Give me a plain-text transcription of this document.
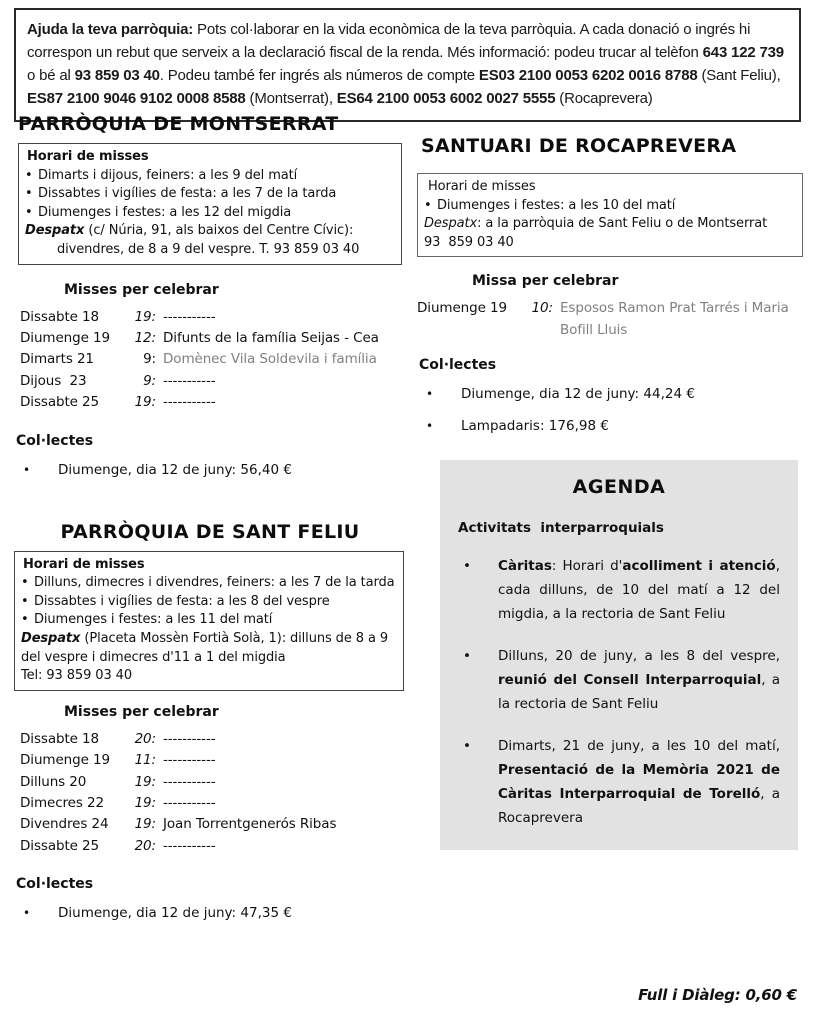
Ajuda la teva parròquia: Pots col·laborar en la vida econòmica de la teva parròquia. A cada donació o ingrés hi correspon un rebut que serveix a la declaració fiscal de la renda. Més informació: podeu trucar al telèfon 643 122 739 o bé al 93 859 03 40. Podeu també fer ingrés als números de compte ES03 2100 0053 6202 0016 8788 (Sant Feliu), ES87 2100 9046 9102 0008 8588 (Montserrat), ES64 2100 0053 6002 0027 5555 (Rocaprevera)
PARRÒQUIA DE MONTSERRAT
Horari de misses
• Dimarts i dijous, feiners: a les 9 del matí
• Dissabtes i vigílies de festa: a les 7 de la tarda
• Diumenges i festes: a les 12 del migdia
Despatx (c/ Núria, 91, als baixos del Centre Cívic):
divendres, de 8 a 9 del vespre. T. 93 859 03 40
Misses per celebrar
Dissabte 18	19: -----------
Diumenge 19	12: Difunts de la família Seijas - Cea
Dimarts 21	9: Domènec Vila Soldevila i família
Dijous  23	9: -----------
Dissabte 25	19: -----------
Col·lectes
•	Diumenge, dia 12 de juny: 56,40 €
PARRÒQUIA DE SANT FELIU
Horari de misses
• Dilluns, dimecres i divendres, feiners: a les 7 de la tarda
• Dissabtes i vigílies de festa: a les 8 del vespre
• Diumenges i festes: a les 11 del matí
Despatx (Placeta Mossèn Fortià Solà, 1): dilluns de 8 a 9 del vespre i dimecres d'11 a 1 del migdia
Tel: 93 859 03 40
Misses per celebrar
Dissabte 18	20: -----------
Diumenge 19	11: -----------
Dilluns 20	19: -----------
Dimecres 22	19: -----------
Divendres 24	19: Joan Torrentgenerós Ribas
Dissabte 25	20: -----------
Col·lectes
•	Diumenge, dia 12 de juny: 47,35 €
SANTUARI DE ROCAPREVERA
Horari de misses
• Diumenges i festes: a les 10 del matí
Despatx: a la parròquia de Sant Feliu o de Montserrat
93  859 03 40
Missa per celebrar
Diumenge 19	10: Esposos Ramon Prat Tarrés i Maria Bofill Lluis
Col·lectes
•	Diumenge, dia 12 de juny: 44,24 €
•	Lampadaris: 176,98 €
AGENDA
Activitats  interparroquials
•	Càritas: Horari d'acolliment i atenció, cada dilluns, de 10 del matí a 12 del migdia, a la rectoria de Sant Feliu
•	Dilluns, 20 de juny, a les 8 del vespre, reunió del Consell Interparroquial, a la rectoria de Sant Feliu
•	Dimarts, 21 de juny, a les 10 del matí, Presentació de la Memòria 2021 de Càritas Interparroquial de Torelló, a Rocaprevera
Full i Diàleg: 0,60 €
